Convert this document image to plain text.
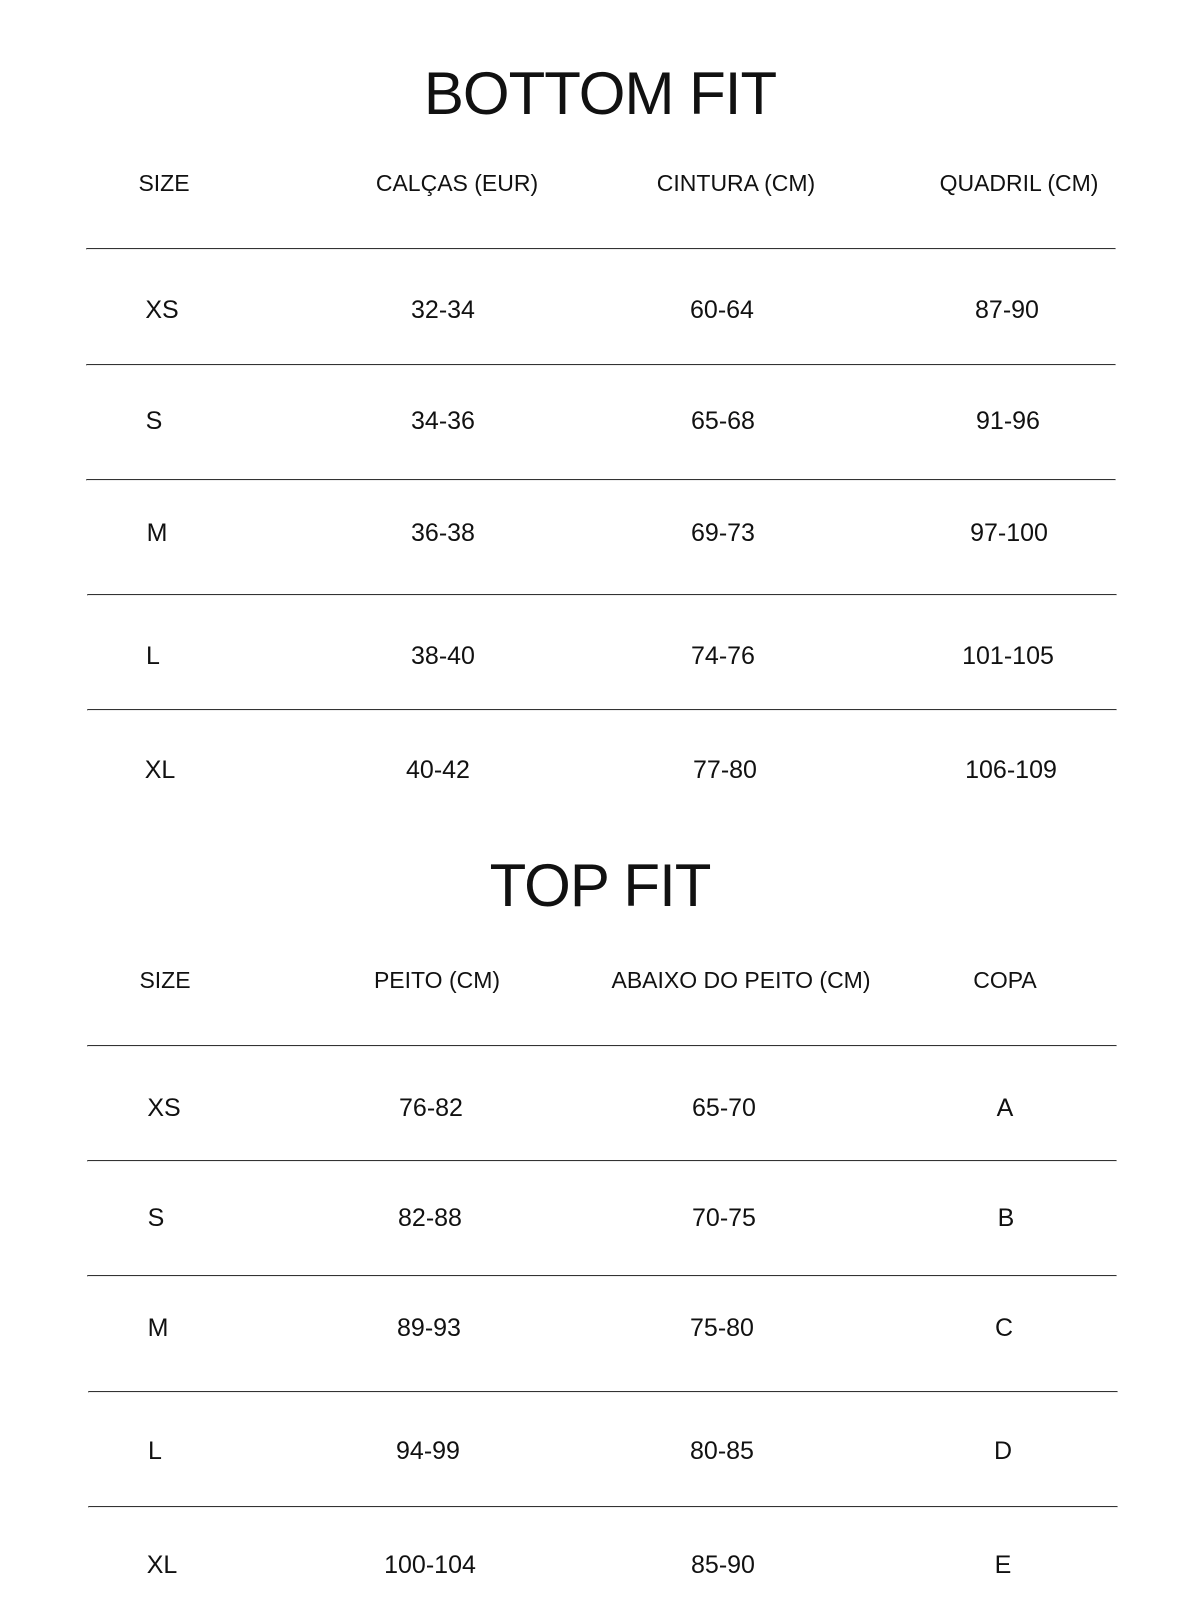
BOTTOM FIT
SIZE	CALÇAS (EUR)	CINTURA (CM)	QUADRIL (CM)
XS	32-34	60-64	87-90
S	34-36	65-68	91-96
M	36-38	69-73	97-100
L	38-40	74-76	101-105
XL	40-42	77-80	106-109
TOP FIT
SIZE	PEITO (CM)	ABAIXO DO PEITO (CM)	COPA
XS	76-82	65-70	A
S	82-88	70-75	B
M	89-93	75-80	C
L	94-99	80-85	D
XL	100-104	85-90	E
